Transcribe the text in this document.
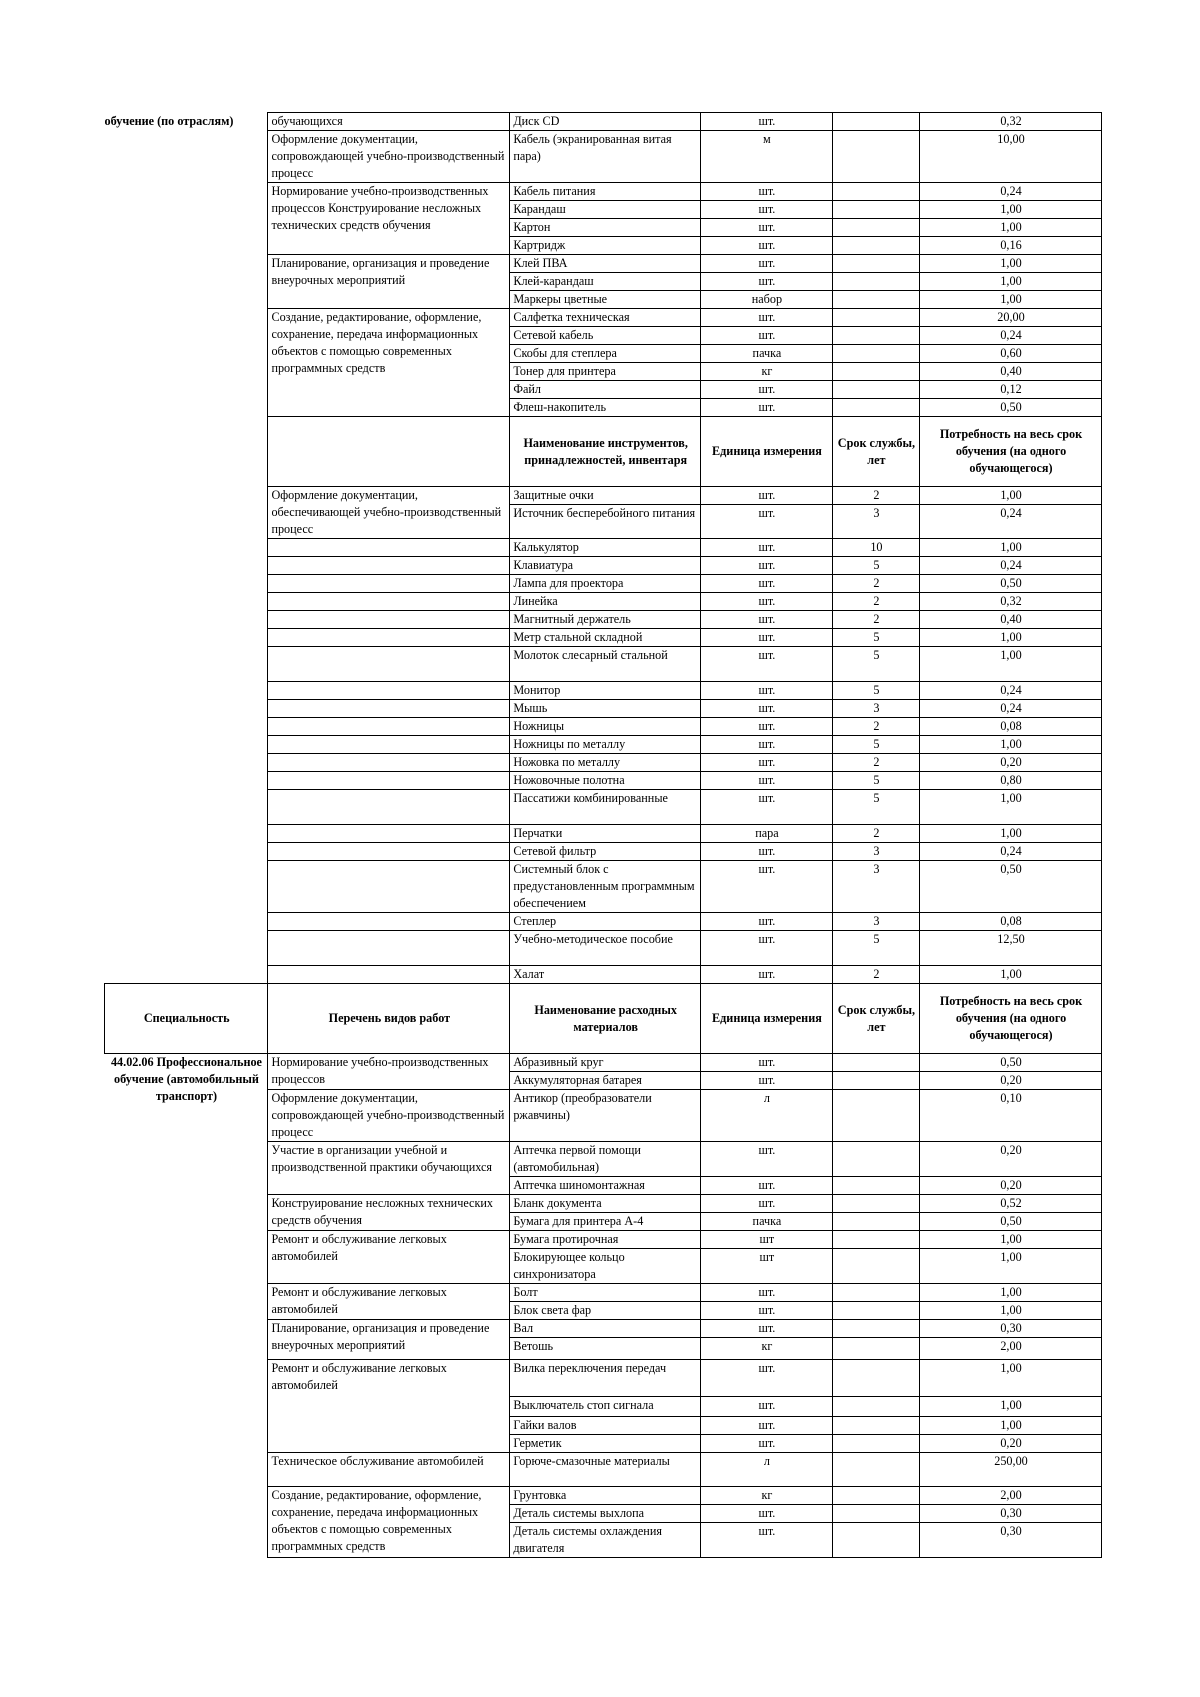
обучение (по отраслям)	обучающихся	Диск CD	шт.		0,32
	Оформление документации, сопровождающей учебно-производственный процесс	Кабель (экранированная витая пара)	м		10,00
	Нормирование учебно-производственных процессов Конструирование несложных технических средств обучения	Кабель питания	шт.		0,24
		Карандаш	шт.		1,00
		Картон	шт.		1,00
		Картридж	шт.		0,16
	Планирование, организация и проведение внеурочных мероприятий	Клей ПВА	шт.		1,00
		Клей-карандаш	шт.		1,00
		Маркеры цветные	набор		1,00
	Создание, редактирование, оформление, сохранение, передача информационных объектов с помощью современных программных средств	Салфетка техническая	шт.		20,00
		Сетевой кабель	шт.		0,24
		Скобы для степлера	пачка		0,60
		Тонер для принтера	кг		0,40
		Файл	шт.		0,12
		Флеш-накопитель	шт.		0,50
		Наименование инструментов, принадлежностей, инвентаря	Единица измерения	Срок службы, лет	Потребность на весь срок обучения (на одного обучающегося)
	Оформление документации, обеспечивающей учебно-производственный процесс	Защитные очки	шт.	2	1,00
		Источник бесперебойного питания	шт.	3	0,24
		Калькулятор	шт.	10	1,00
		Клавиатура	шт.	5	0,24
		Лампа для проектора	шт.	2	0,50
		Линейка	шт.	2	0,32
		Магнитный держатель	шт.	2	0,40
		Метр стальной складной	шт.	5	1,00
		Молоток слесарный стальной	шт.	5	1,00
		Монитор	шт.	5	0,24
		Мышь	шт.	3	0,24
		Ножницы	шт.	2	0,08
		Ножницы по металлу	шт.	5	1,00
		Ножовка по металлу	шт.	2	0,20
		Ножовочные полотна	шт.	5	0,80
		Пассатижи комбинированные	шт.	5	1,00
		Перчатки	пара	2	1,00
		Сетевой фильтр	шт.	3	0,24
		Системный блок с предустановленным программным обеспечением	шт.	3	0,50
		Степлер	шт.	3	0,08
		Учебно-методическое пособие	шт.	5	12,50
		Халат	шт.	2	1,00
Специальность	Перечень видов работ	Наименование расходных материалов	Единица измерения	Срок службы, лет	Потребность на весь срок обучения (на одного обучающегося)
44.02.06 Профессиональное обучение (автомобильный транспорт)	Нормирование учебно-производственных процессов	Абразивный круг	шт.		0,50
		Аккумуляторная батарея	шт.		0,20
	Оформление документации, сопровождающей учебно-производственный процесс	Антикор (преобразователи ржавчины)	л		0,10
	Участие в организации учебной и производственной практики обучающихся	Аптечка первой помощи (автомобильная)	шт.		0,20
		Аптечка шиномонтажная	шт.		0,20
	Конструирование несложных технических средств обучения	Бланк документа	шт.		0,52
		Бумага для принтера А-4	пачка		0,50
	Ремонт и обслуживание легковых автомобилей	Бумага протирочная	шт		1,00
		Блокирующее кольцо синхронизатора	шт		1,00
	Ремонт и обслуживание легковых автомобилей	Болт	шт.		1,00
		Блок света фар	шт.		1,00
	Планирование, организация и проведение внеурочных мероприятий	Вал	шт.		0,30
		Ветошь	кг		2,00
	Ремонт и обслуживание легковых автомобилей	Вилка переключения передач	шт.		1,00
		Выключатель стоп сигнала	шт.		1,00
		Гайки валов	шт.		1,00
		Герметик	шт.		0,20
	Техническое обслуживание автомобилей	Горюче-смазочные материалы	л		250,00
	Создание, редактирование, оформление, сохранение, передача информационных объектов с помощью современных программных средств	Грунтовка	кг		2,00
		Деталь системы выхлопа	шт.		0,30
		Деталь системы охлаждения двигателя	шт.		0,30
